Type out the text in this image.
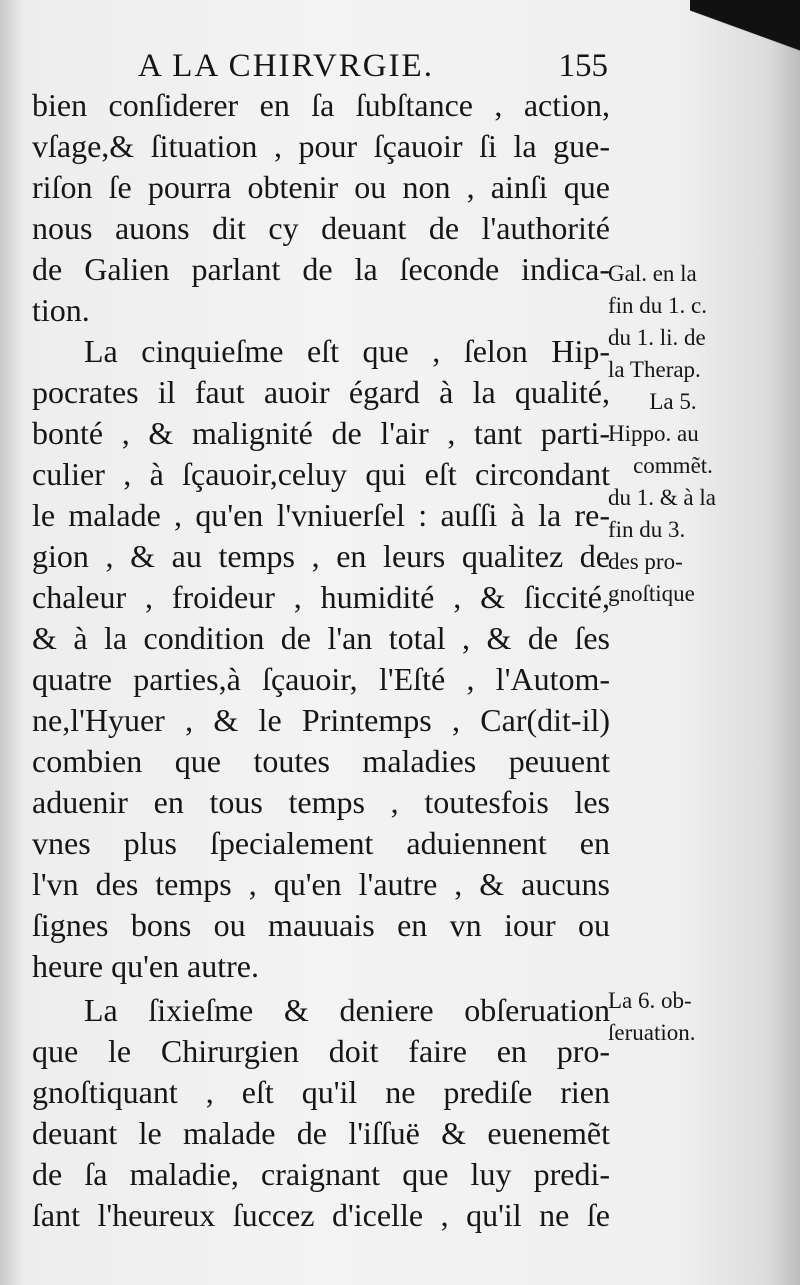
A LA CHIRVRGIE.	155
bien conſiderer en ſa ſubſtance , action,
vſage,& ſituation , pour ſçauoir ſi la gue-
riſon ſe pourra obtenir ou non , ainſi que
nous auons dit cy deuant de l'authorité
de Galien parlant de la ſeconde indica-
tion.
La cinquieſme eſt que , ſelon Hip-
pocrates il faut auoir égard à la qualité,
bonté , & malignité de l'air , tant parti-
culier , à ſçauoir,celuy qui eſt circondant
le malade , qu'en l'vniuerſel : auſſi à la re-
gion , & au temps , en leurs qualitez de
chaleur , froideur , humidité , & ſiccité,
& à la condition de l'an total , & de ſes
quatre parties,à ſçauoir, l'Eſté , l'Autom-
ne,l'Hyuer , & le Printemps , Car(dit-il)
combien que toutes maladies peuuent
aduenir en tous temps , toutesfois les
vnes plus ſpecialement aduiennent en
l'vn des temps , qu'en l'autre , & aucuns
ſignes bons ou mauuais en vn iour ou
heure qu'en autre.
La ſixieſme & deniere obſeruation
que le Chirurgien doit faire en pro-
gnoſtiquant , eſt qu'il ne prediſe rien
deuant le malade de l'iſſuë & euenemẽt
de ſa maladie, craignant que luy predi-
ſant l'heureux ſuccez d'icelle , qu'il ne ſe
Gal. en la
fin du 1. c.
du 1. li. de
la Therap.
La 5.
Hippo. au
commẽt.
du 1. & à la
fin du 3.
des pro-
gnoſtique
La 6. ob-
ſeruation.
